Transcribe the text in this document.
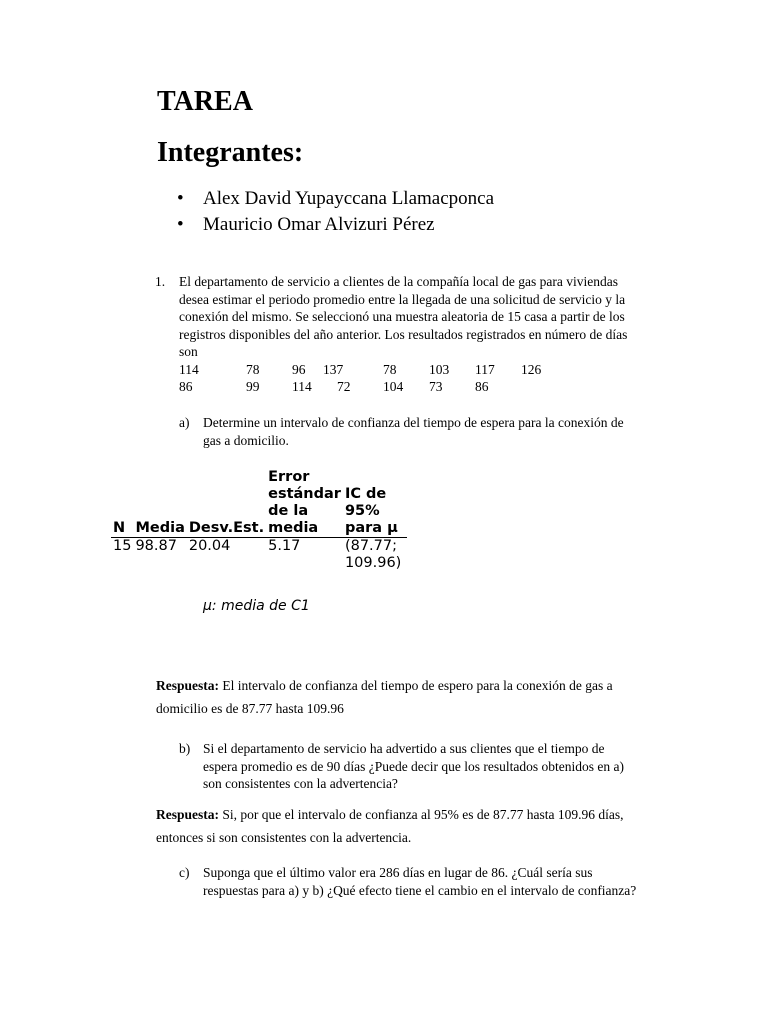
TAREA
Integrantes:
• Alex David Yupayccana Llamacponca
• Mauricio Omar Alvizuri Pérez
1. El departamento de servicio a clientes de la compañía local de gas para viviendas
desea estimar el periodo promedio entre la llegada de una solicitud de servicio y la
conexión del mismo. Se seleccionó una muestra aleatoria de 15 casa a partir de los
registros disponibles del año anterior. Los resultados registrados en número de días
son
114	78 96 137	78 103 117 126
86	99 114 72 104 73 86
a) Determine un intervalo de confianza del tiempo de espera para la conexión de
gas a domicilio.
N	Media	Desv.Est.	Error estándar de la media	IC de 95% para μ
15	98.87	20.04	5.17	(87.77; 109.96)
μ: media de C1
Respuesta: El intervalo de confianza del tiempo de espero para la conexión de gas a
domicilio es de 87.77 hasta 109.96
b) Si el departamento de servicio ha advertido a sus clientes que el tiempo de
espera promedio es de 90 días ¿Puede decir que los resultados obtenidos en a)
son consistentes con la advertencia?
Respuesta: Si, por que el intervalo de confianza al 95% es de 87.77 hasta 109.96 días,
entonces si son consistentes con la advertencia.
c) Suponga que el último valor era 286 días en lugar de 86. ¿Cuál sería sus
respuestas para a) y b) ¿Qué efecto tiene el cambio en el intervalo de confianza?
